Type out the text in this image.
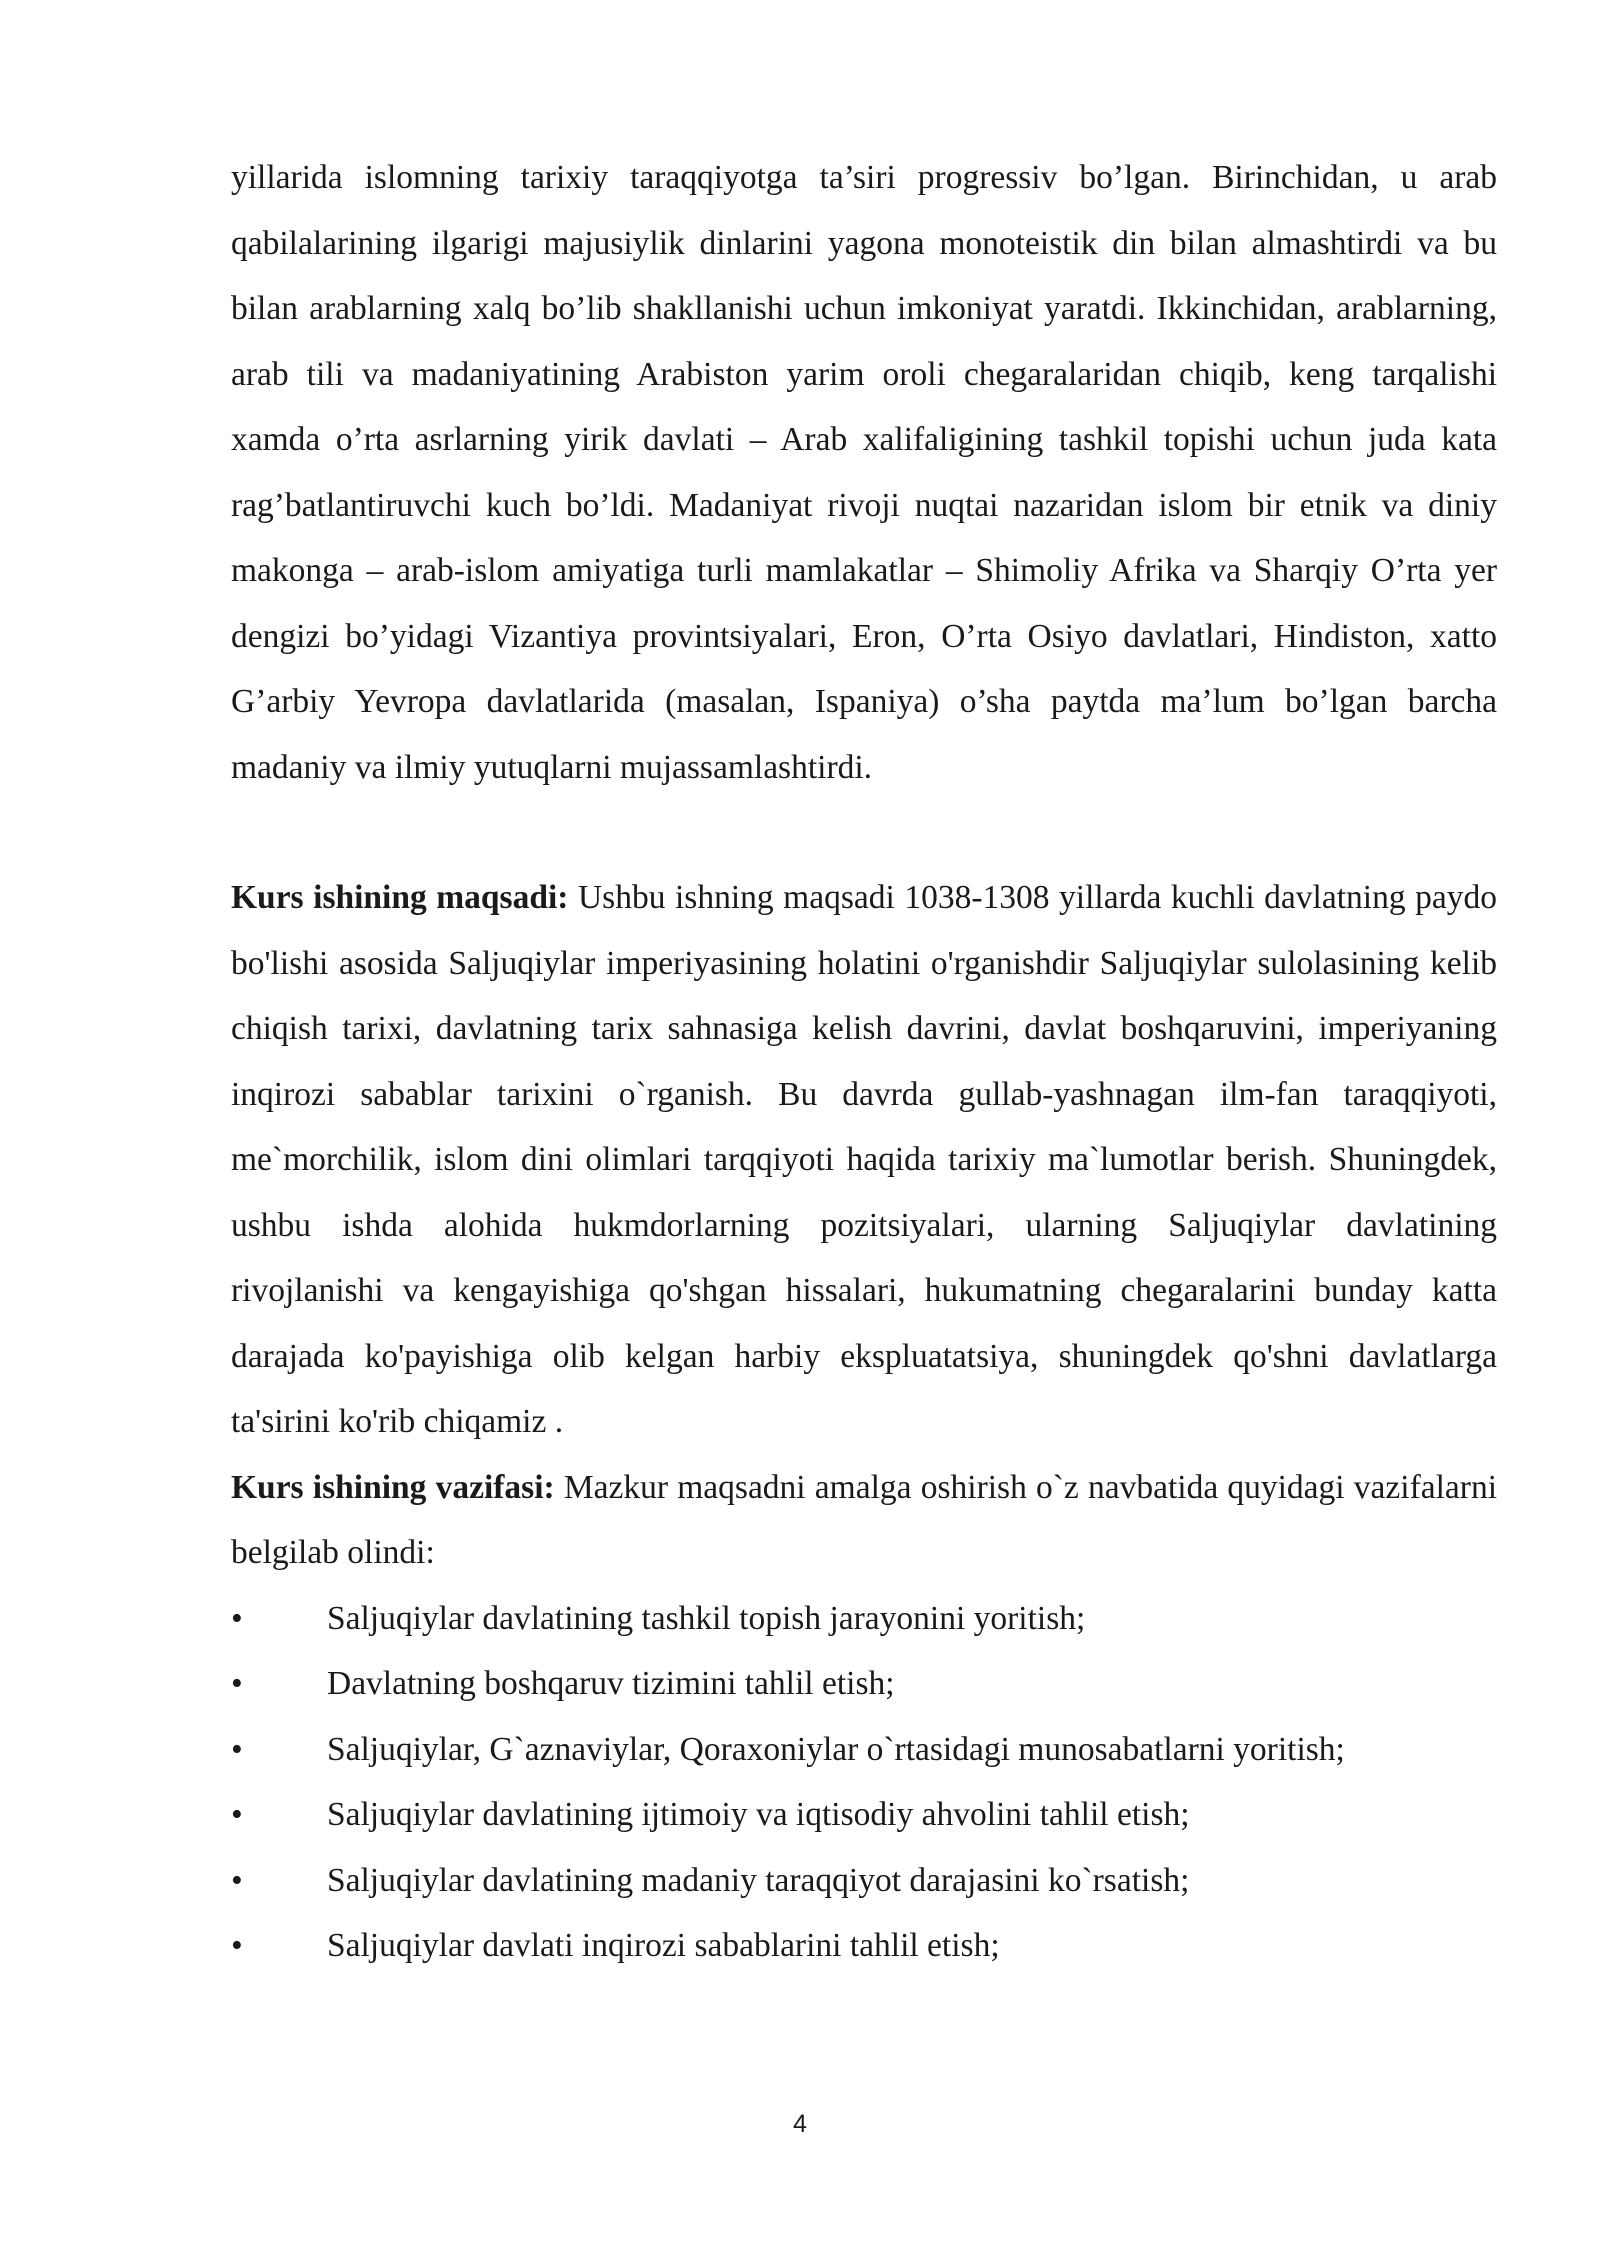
yillarida islomning tarixiy taraqqiyotga ta’siri progressiv bo’lgan. Birinchidan, u arab qabilalarining ilgarigi majusiylik dinlarini yagona monoteistik din bilan almashtirdi va bu bilan arablarning xalq bo’lib shakllanishi uchun imkoniyat yaratdi. Ikkinchidan, arablarning, arab tili va madaniyatining Arabiston yarim oroli chegaralaridan chiqib, keng tarqalishi xamda o’rta asrlarning yirik davlati – Arab xalifaligining tashkil topishi uchun juda kata rag’batlantiruvchi kuch bo’ldi. Madaniyat rivoji nuqtai nazaridan islom bir etnik va diniy makonga – arab-islom amiyatiga turli mamlakatlar – Shimoliy Afrika va Sharqiy O’rta yer dengizi bo’yidagi Vizantiya provintsiyalari, Eron, O’rta Osiyo davlatlari, Hindiston, xatto G’arbiy Yevropa davlatlarida (masalan, Ispaniya) o’sha paytda ma’lum bo’lgan barcha madaniy va ilmiy yutuqlarni mujassamlashtirdi.

Kurs ishining maqsadi: Ushbu ishning maqsadi 1038-1308 yillarda kuchli davlatning paydo bo'lishi asosida Saljuqiylar imperiyasining holatini o'rganishdir Saljuqiylar sulolasining kelib chiqish tarixi, davlatning tarix sahnasiga kelish davrini, davlat boshqaruvini, imperiyaning inqirozi sabablar tarixini o`rganish. Bu davrda gullab-yashnagan ilm-fan taraqqiyoti, me`morchilik, islom dini olimlari tarqqiyoti haqida tarixiy ma`lumotlar berish. Shuningdek, ushbu ishda alohida hukmdorlarning pozitsiyalari, ularning Saljuqiylar davlatining rivojlanishi va kengayishiga qo'shgan hissalari, hukumatning chegaralarini bunday katta darajada ko'payishiga olib kelgan harbiy ekspluatatsiya, shuningdek qo'shni davlatlarga ta'sirini ko'rib chiqamiz .

Kurs ishining vazifasi: Mazkur maqsadni amalga oshirish o`z navbatida quyidagi vazifalarni belgilab olindi:

•	Saljuqiylar davlatining tashkil topish jarayonini yoritish;
•	Davlatning boshqaruv tizimini tahlil etish;
•	Saljuqiylar, G`aznaviylar, Qoraxoniylar o`rtasidagi munosabatlarni yoritish;
•	Saljuqiylar davlatining ijtimoiy va iqtisodiy ahvolini tahlil etish;
•	Saljuqiylar davlatining madaniy taraqqiyot darajasini ko`rsatish;
•	Saljuqiylar davlati inqirozi sabablarini tahlil etish;
4
